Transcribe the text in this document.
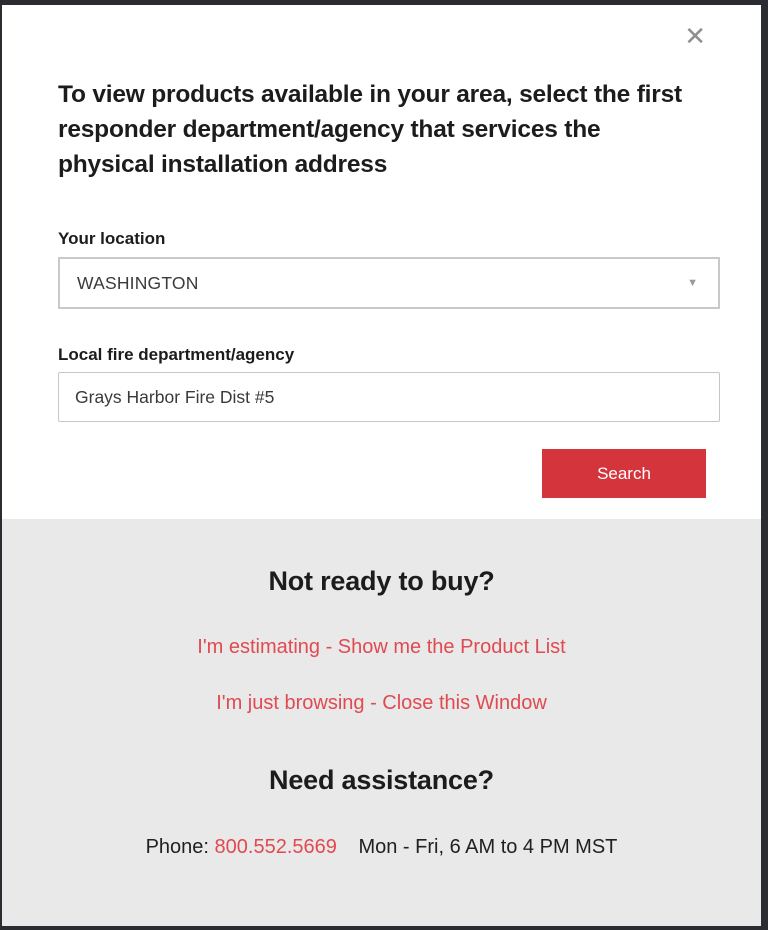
✕
To view products available in your area, select the first responder department/agency that services the physical installation address
Your location
WASHINGTON	▼
Local fire department/agency
Grays Harbor Fire Dist #5
Search
Not ready to buy?
I'm estimating - Show me the Product List
I'm just browsing - Close this Window
Need assistance?
Phone: 800.552.5669 Mon - Fri, 6 AM to 4 PM MST
